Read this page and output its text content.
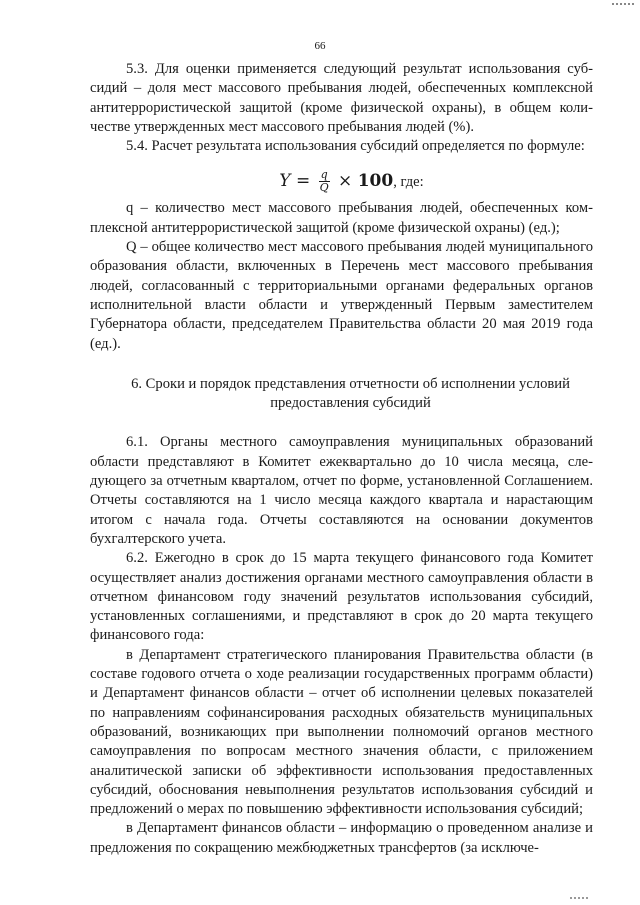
66

5.3. Для оценки применяется следующий результат использования субсидий – доля мест массового пребывания людей, обеспеченных комплексной антитеррористической защитой (кроме физической охраны), в общем количестве утвержденных мест массового пребывания людей (%).

5.4. Расчет результата использования субсидий определяется по формуле:

$Y = \frac{q}{Q} \times 100$, где:

q – количество мест массового пребывания людей, обеспеченных комплексной антитеррористической защитой (кроме физической охраны) (ед.);

Q – общее количество мест массового пребывания людей муниципального образования области, включенных в Перечень мест массового пребывания людей, согласованный с территориальными органами федеральных органов исполнительной власти области и утвержденный Первым заместителем Губернатора области, председателем Правительства области 20 мая 2019 года (ед.).

6. Сроки и порядок представления отчетности об исполнении условий
предоставления субсидий

6.1. Органы местного самоуправления муниципальных образований области представляют в Комитет ежеквартально до 10 числа месяца, следующего за отчетным кварталом, отчет по форме, установленной Соглашением. Отчеты составляются на 1 число месяца каждого квартала и нарастающим итогом с начала года. Отчеты составляются на основании документов бухгалтерского учета.

6.2. Ежегодно в срок до 15 марта текущего финансового года Комитет осуществляет анализ достижения органами местного самоуправления области в отчетном финансовом году значений результатов использования субсидий, установленных соглашениями, и представляют в срок до 20 марта текущего финансового года:

в Департамент стратегического планирования Правительства области (в составе годового отчета о ходе реализации государственных программ области) и Департамент финансов области – отчет об исполнении целевых показателей по направлениям софинансирования расходных обязательств муниципальных образований, возникающих при выполнении полномочий органов местного самоуправления по вопросам местного значения области, с приложением аналитической записки об эффективности использования предоставленных субсидий, обоснования невыполнения результатов использования субсидий и предложений о мерах по повышению эффективности использования субсидий;

в Департамент финансов области – информацию о проведенном анализе и предложения по сокращению межбюджетных трансфертов (за исключе-
